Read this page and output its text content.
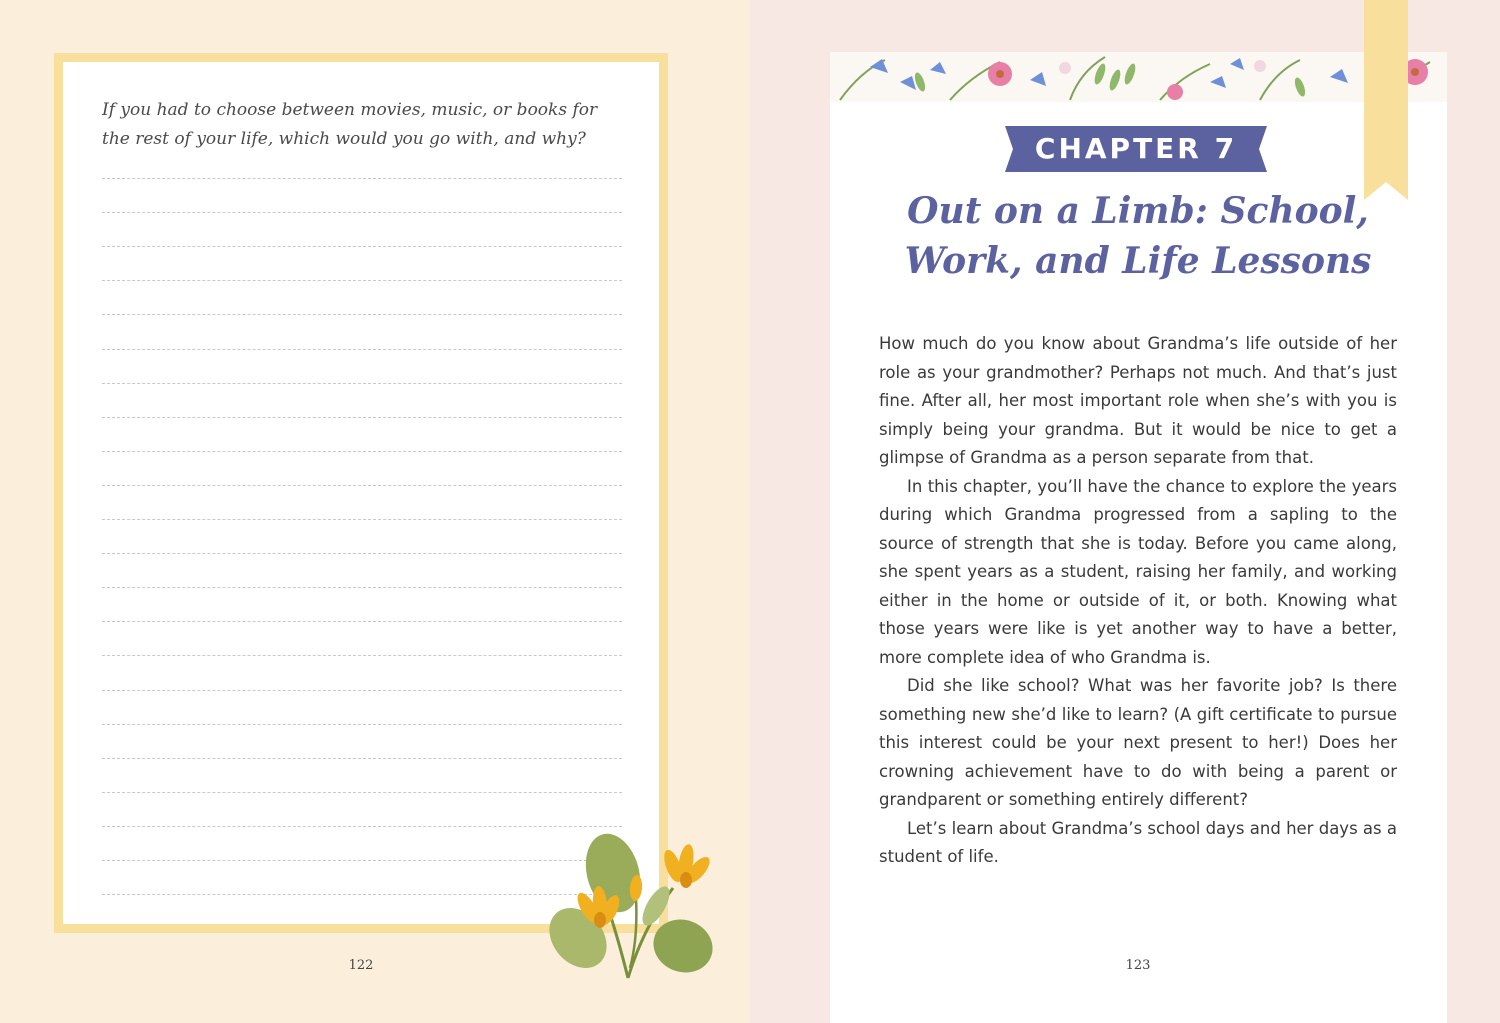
If you had to choose between movies, music, or books for the rest of your life, which would you go with, and why?

122
CHAPTER 7
Out on a Limb: School, Work, and Life Lessons

How much do you know about Grandma’s life outside of her role as your grandmother? Perhaps not much. And that’s just fine. After all, her most important role when she’s with you is simply being your grandma. But it would be nice to get a glimpse of Grandma as a person separate from that.

In this chapter, you’ll have the chance to explore the years during which Grandma progressed from a sapling to the source of strength that she is today. Before you came along, she spent years as a student, raising her family, and working either in the home or outside of it, or both. Knowing what those years were like is yet another way to have a better, more complete idea of who Grandma is.

Did she like school? What was her favorite job? Is there something new she’d like to learn? (A gift certificate to pursue this interest could be your next present to her!) Does her crowning achievement have to do with being a parent or grandparent or something entirely different?

Let’s learn about Grandma’s school days and her days as a student of life.

123
